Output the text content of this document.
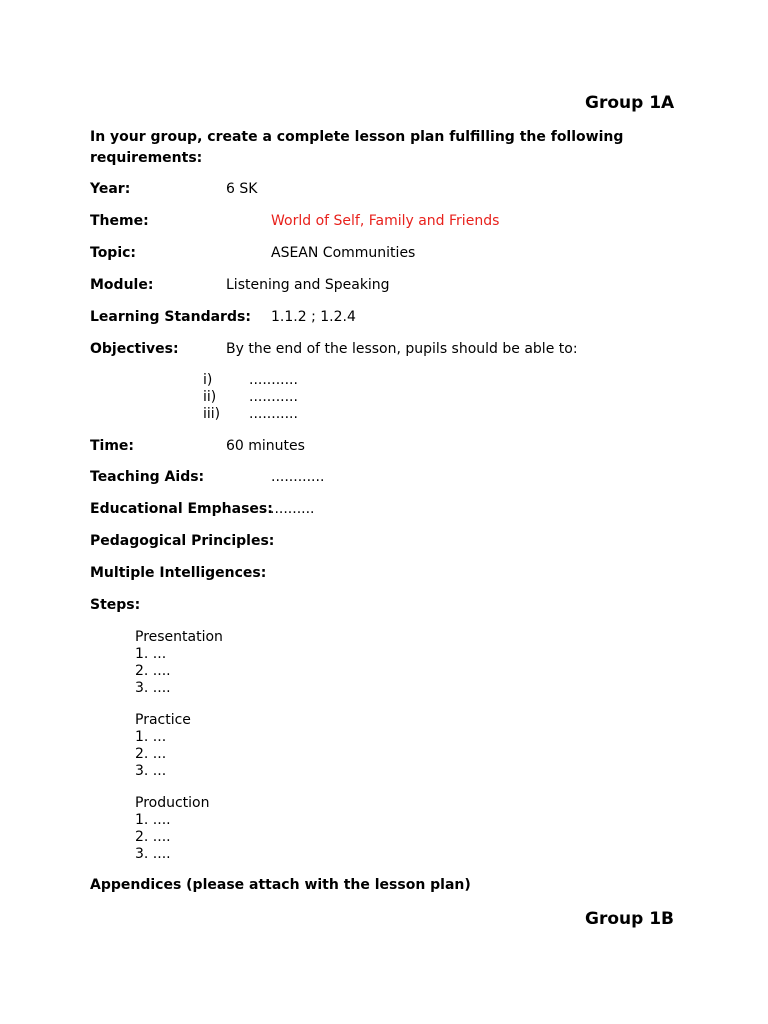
Group 1A
In your group, create a complete lesson plan fulfilling the following
requirements:
Year:	6 SK
Theme:	World of Self, Family and Friends
Topic:	ASEAN Communities
Module:	Listening and Speaking
Learning Standards: 1.1.2 ; 1.2.4
Objectives:	By the end of the lesson, pupils should be able to:
i)	...........
ii) ...........
iii) ...........
Time:	60 minutes
Teaching Aids:	............
Educational Emphases:
..........
Pedagogical Principles:
Multiple Intelligences:
Steps:
Presentation
1. ...
2. ....
3. ....
Practice
1. ...
2. ...
3. ...
Production
1. ....
2. ....
3. ....
Appendices (please attach with the lesson plan)
Group 1B
